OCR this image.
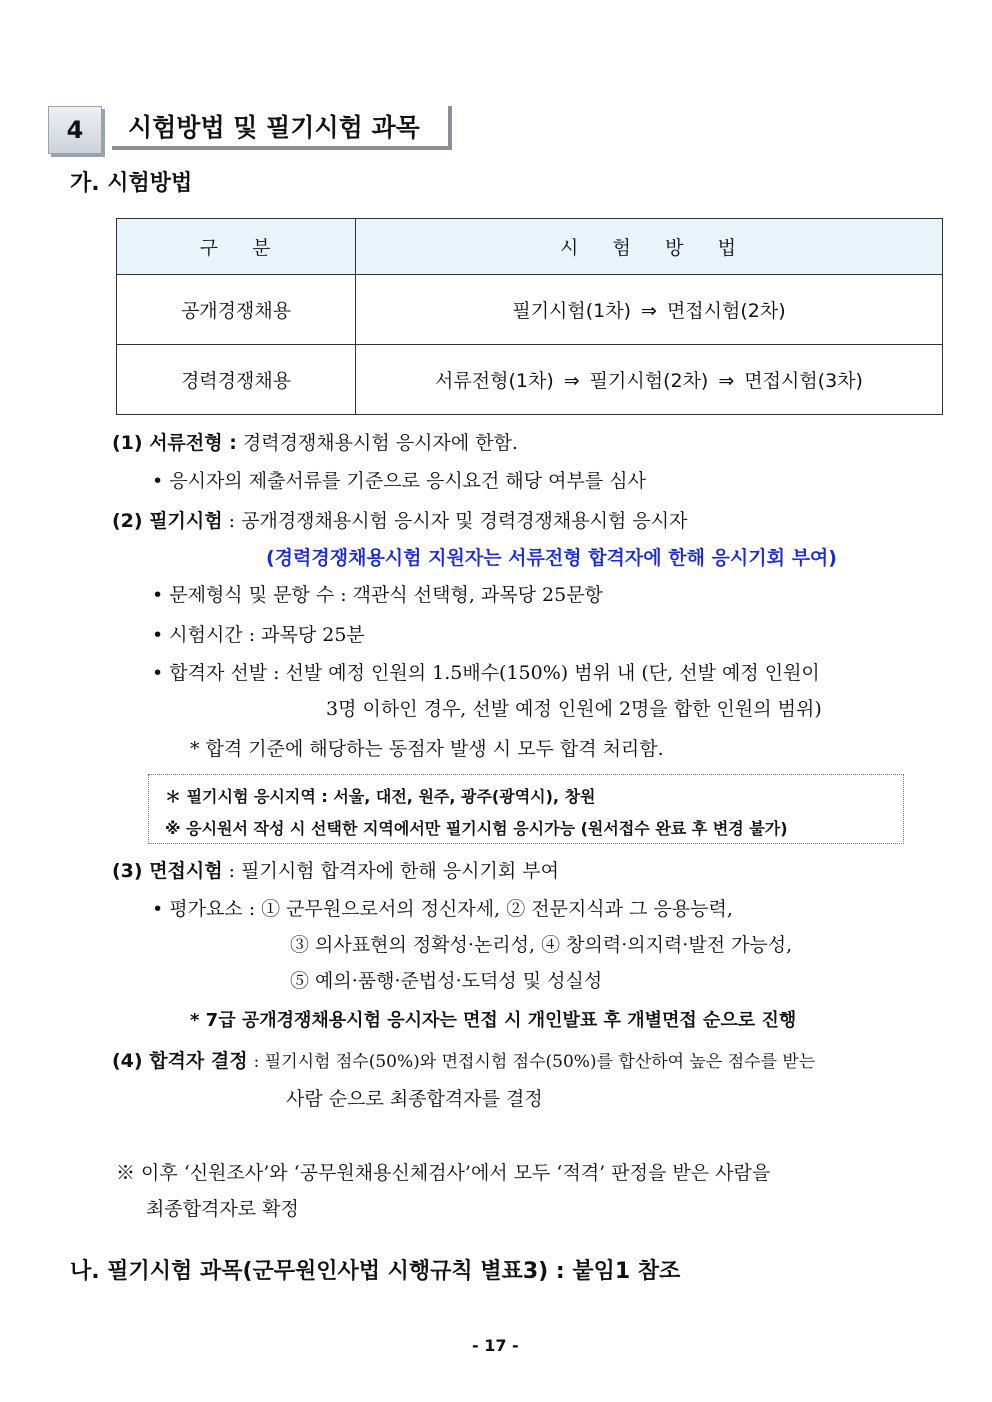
4	시험방법 및 필기시험 과목
가. 시험방법
구    분	시    험    방    법
공개경쟁채용	필기시험(1차) ⇒ 면접시험(2차)
경력경쟁채용	서류전형(1차) ⇒ 필기시험(2차) ⇒ 면접시험(3차)
(1) 서류전형 : 경력경쟁채용시험 응시자에 한함.
• 응시자의 제출서류를 기준으로 응시요건 해당 여부를 심사
(2) 필기시험 : 공개경쟁채용시험 응시자 및 경력경쟁채용시험 응시자
(경력경쟁채용시험 지원자는 서류전형 합격자에 한해 응시기회 부여)
• 문제형식 및 문항 수 : 객관식 선택형, 과목당 25문항
• 시험시간 : 과목당 25분
• 합격자 선발 : 선발 예정 인원의 1.5배수(150%) 범위 내 (단, 선발 예정 인원이
3명 이하인 경우, 선발 예정 인원에 2명을 합한 인원의 범위)
* 합격 기준에 해당하는 동점자 발생 시 모두 합격 처리함.
＊ 필기시험 응시지역 : 서울, 대전, 원주, 광주(광역시), 창원
※ 응시원서 작성 시 선택한 지역에서만 필기시험 응시가능 (원서접수 완료 후 변경 불가)
(3) 면접시험 : 필기시험 합격자에 한해 응시기회 부여
• 평가요소 : ① 군무원으로서의 정신자세, ② 전문지식과 그 응용능력,
③ 의사표현의 정확성·논리성, ④ 창의력·의지력·발전 가능성,
⑤ 예의·품행·준법성·도덕성 및 성실성
* 7급 공개경쟁채용시험 응시자는 면접 시 개인발표 후 개별면접 순으로 진행
(4) 합격자 결정 : 필기시험 점수(50%)와 면접시험 점수(50%)를 합산하여 높은 점수를 받는
사람 순으로 최종합격자를 결정
※ 이후 ‘신원조사’와 ‘공무원채용신체검사’에서 모두 ‘적격’ 판정을 받은 사람을
최종합격자로 확정
나. 필기시험 과목(군무원인사법 시행규칙 별표3) : 붙임1 참조
- 17 -
